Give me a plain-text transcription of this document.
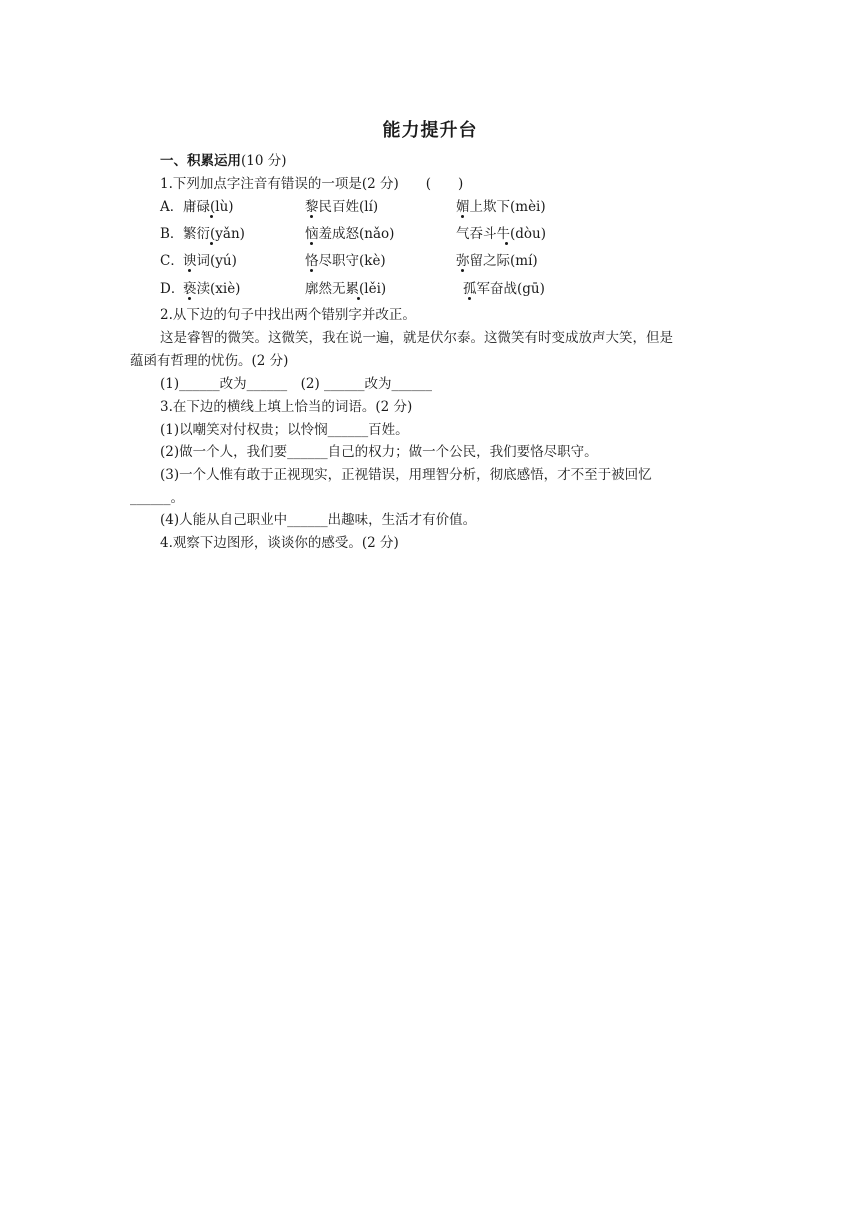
能力提升台
一、积累运用(10 分)
1.下列加点字注音有错误的一项是(2 分)　　(　　)
A． 庸碌(lù)	黎民百姓(lí)	媚上欺下(mèi)
B． 繁衍(yǎn)	恼羞成怒(nǎo)	气吞斗牛(dòu)
C． 谀词(yú)	恪尽职守(kè)	弥留之际(mí)
D．
亵渎(xiè)	廓然无累(lěi)	孤军奋战(gū)
2.从下边的句子中找出两个错别字并改正。
这是睿智的微笑。这微笑，我在说一遍，就是伏尔泰。这微笑有时变成放声大笑，但是
蕴函有哲理的忧伤。(2 分)
(1)______改为______　(2) ______改为______
3.在下边的横线上填上恰当的词语。(2 分)
(1)以嘲笑对付权贵；以怜悯______百姓。
(2)做一个人，我们要______自己的权力；做一个公民，我们要恪尽职守。
(3)一个人惟有敢于正视现实，正视错误，用理智分析，彻底感悟，才不至于被回忆
______。
(4)人能从自己职业中______出趣味，生活才有价值。
4.观察下边图形，谈谈你的感受。(2 分)
